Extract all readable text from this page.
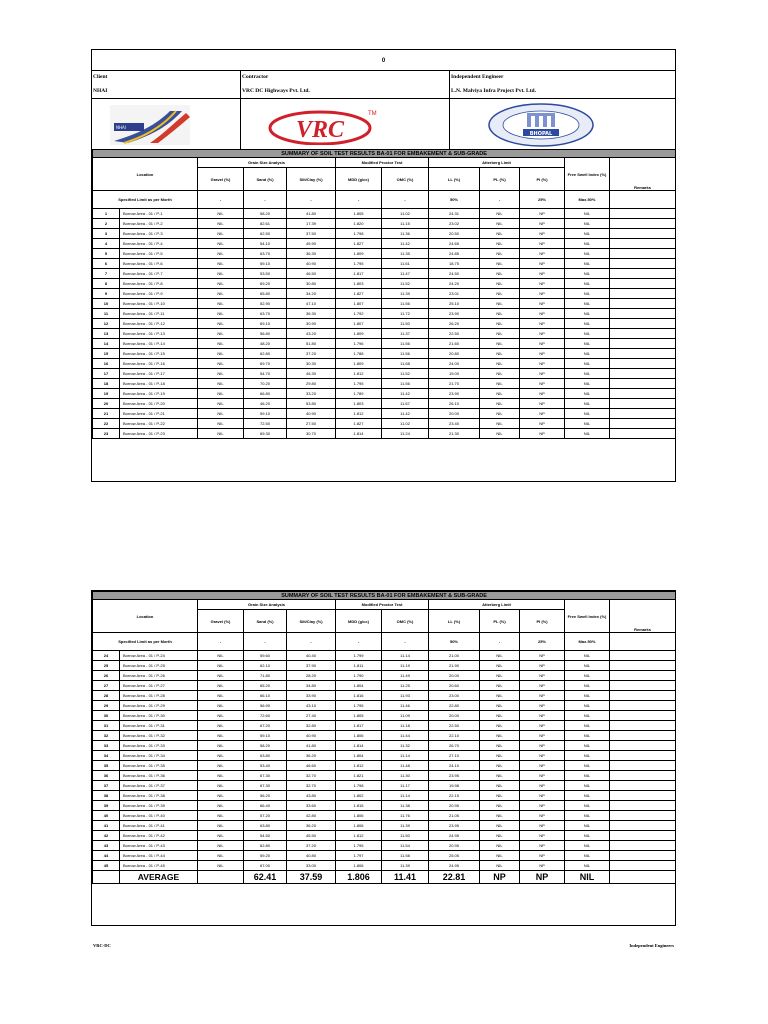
0
Client
NHAI
Contractor
VRC DC Highways Pvt. Ltd.
Independent Engineer
L.N. Malviya Infra Project Pvt. Ltd.
NHAI	VRC
TM
BHOPAL
SUMMARY OF SOIL TEST RESULTS BA-01 FOR EMBAKEMENT & SUB-GRADE											
Location		Grain Size Analysis			Modified Proctor Test		Atterberg Limit			Free Swell Index (%)	Remarks
		Gravel (%)	Sand (%)	Silt/Clay (%)	MDD (g/cc)	OMC (%)	LL (%)	PL (%)	PI (%)		
Specified Limit as per Morth		-	-	-	-	-	50%	-	25%	Max.50%	
1	Borrow Area - 01 / P-1	NIL	58.20	41.80	1.805	11.02	24.31	NIL	NP	NIL	
2	Borrow Area - 01 / P-2	NIL	82.61	17.39	1.820	11.15	23.02	NIL	NP	NIL	
3	Borrow Area - 01 / P-3	NIL	62.50	37.50	1.798	11.36	20.50	NIL	NP	NIL	
4	Borrow Area - 01 / P-4	NIL	54.10	45.90	1.827	11.42	24.65	NIL	NP	NIL	
5	Borrow Area - 01 / P-5	NIL	63.70	36.30	1.809	11.35	24.85	NIL	NP	NIL	
6	Borrow Area - 01 / P-6	NIL	59.10	40.90	1.795	11.61	18.75	NIL	NP	NIL	
7	Borrow Area - 01 / P-7	NIL	53.50	46.50	1.817	11.47	24.50	NIL	NP	NIL	
8	Borrow Area - 01 / P-8	NIL	69.20	30.80	1.803	11.52	24.20	NIL	NP	NIL	
9	Borrow Area - 01 / P-9	NIL	65.80	34.20	1.827	11.39	23.01	NIL	NP	NIL	
10	Borrow Area - 01 / P-10	NIL	52.90	47.10	1.807	11.56	25.10	NIL	NP	NIL	
11	Borrow Area - 01 / P-11	NIL	63.70	36.30	1.792	11.72	23.90	NIL	NP	NIL	
12	Borrow Area - 01 / P-12	NIL	69.10	30.90	1.807	11.50	26.20	NIL	NP	NIL	
13	Borrow Area - 01 / P-13	NIL	56.80	43.20	1.809	11.37	22.50	NIL	NP	NIL	
14	Borrow Area - 01 / P-14	NIL	48.20	51.80	1.796	11.56	21.60	NIL	NP	NIL	
15	Borrow Area - 01 / P-15	NIL	62.80	37.20	1.788	11.56	20.80	NIL	NP	NIL	
16	Borrow Area - 01 / P-16	NIL	69.70	30.30	1.809	11.68	24.00	NIL	NP	NIL	
17	Borrow Area - 01 / P-17	NIL	54.70	45.30	1.812	11.52	19.00	NIL	NP	NIL	
18	Borrow Area - 01 / P-18	NIL	70.20	29.80	1.795	11.56	21.70	NIL	NP	NIL	
19	Borrow Area - 01 / P-19	NIL	66.80	33.20	1.789	11.42	23.90	NIL	NP	NIL	
20	Borrow Area - 01 / P-20	NIL	46.20	53.80	1.803	11.67	26.10	NIL	NP	NIL	
21	Borrow Area - 01 / P-21	NIL	59.10	40.90	1.812	11.42	20.00	NIL	NP	NIL	
22	Borrow Area - 01 / P-22	NIL	72.50	27.50	1.827	11.02	23.40	NIL	NP	NIL	
23	Borrow Area - 01 / P-23	NIL	69.30	30.70	1.814	11.24	21.30	NIL	NP	NIL	
SUMMARY OF SOIL TEST RESULTS BA-01 FOR EMBAKEMENT & SUB-GRADE											
Location		Grain Size Analysis			Modified Proctor Test		Atterberg Limit			Free Swell Index (%)	Remarks
		Gravel (%)	Sand (%)	Silt/Clay (%)	MDD (g/cc)	OMC (%)	LL (%)	PL (%)	PI (%)		
Specified Limit as per Morth		-	-	-	-	-	50%	-	25%	Max.50%	
24	Borrow Area - 01 / P-24	NIL	59.60	40.40	1.799	11.14	21.00	NIL	NP	NIL	
25	Borrow Area - 01 / P-25	NIL	62.10	37.90	1.811	11.19	21.90	NIL	NP	NIL	
26	Borrow Area - 01 / P-26	NIL	71.80	28.20	1.790	11.49	20.00	NIL	NP	NIL	
27	Borrow Area - 01 / P-27	NIL	65.20	34.80	1.804	11.25	20.60	NIL	NP	NIL	
28	Borrow Area - 01 / P-28	NIL	66.10	33.90	1.816	11.93	23.00	NIL	NP	NIL	
29	Borrow Area - 01 / P-29	NIL	56.90	43.10	1.795	11.46	22.80	NIL	NP	NIL	
30	Borrow Area - 01 / P-30	NIL	72.60	27.40	1.805	11.09	20.00	NIL	NP	NIL	
31	Borrow Area - 01 / P-31	NIL	67.20	32.80	1.817	11.18	22.50	NIL	NP	NIL	
32	Borrow Area - 01 / P-32	NIL	59.10	40.90	1.806	11.44	22.10	NIL	NP	NIL	
33	Borrow Area - 01 / P-33	NIL	58.20	41.80	1.814	11.32	26.70	NIL	NP	NIL	
34	Borrow Area - 01 / P-34	NIL	63.80	36.20	1.804	11.14	27.10	NIL	NP	NIL	
35	Borrow Area - 01 / P-35	NIL	53.40	46.60	1.812	11.48	24.10	NIL	NP	NIL	
36	Borrow Area - 01 / P-36	NIL	67.30	32.70	1.821	11.30	23.95	NIL	NP	NIL	
37	Borrow Area - 01 / P-37	NIL	67.30	32.70	1.798	11.17	19.98	NIL	NP	NIL	
38	Borrow Area - 01 / P-38	NIL	56.20	43.80	1.802	11.14	22.15	NIL	NP	NIL	
39	Borrow Area - 01 / P-39	NIL	66.40	33.60	1.815	11.38	20.95	NIL	NP	NIL	
40	Borrow Area - 01 / P-40	NIL	57.20	42.80	1.806	11.76	21.05	NIL	NP	NIL	
41	Borrow Area - 01 / P-41	NIL	63.80	36.20	1.806	11.39	23.95	NIL	NP	NIL	
42	Borrow Area - 01 / P-42	NIL	54.50	45.50	1.812	11.50	24.95	NIL	NP	NIL	
43	Borrow Area - 01 / P-43	NIL	62.80	37.20	1.795	11.54	20.95	NIL	NP	NIL	
44	Borrow Area - 01 / P-44	NIL	59.20	40.80	1.797	11.58	25.05	NIL	NP	NIL	
45	Borrow Area - 01 / P-45	NIL	67.00	33.00	1.806	11.39	24.95	NIL	NP	NIL	
	AVERAGE		62.41	37.59	1.806	11.41	22.81	NP	NP	NIL	
VRC-DC	Independent Engineers
